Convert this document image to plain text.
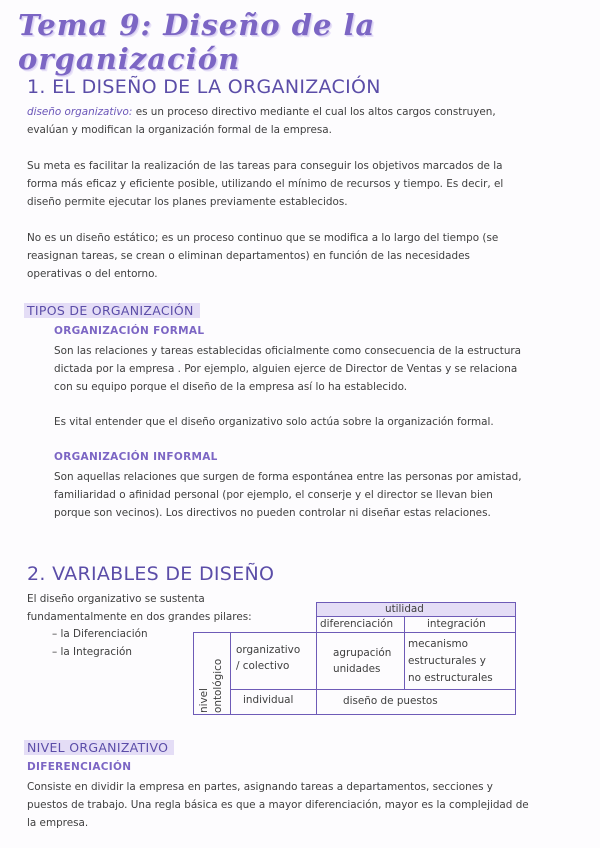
Tema 9: Diseño de la organización
1. EL DISEÑO DE LA ORGANIZACIÓN
diseño organizativo: es un proceso directivo mediante el cual los altos cargos construyen,
evalúan y modifican la organización formal de la empresa.
Su meta es facilitar la realización de las tareas para conseguir los objetivos marcados de la
forma más eficaz y eficiente posible, utilizando el mínimo de recursos y tiempo. Es decir, el
diseño permite ejecutar los planes previamente establecidos.
No es un diseño estático; es un proceso continuo que se modifica a lo largo del tiempo (se
reasignan tareas, se crean o eliminan departamentos) en función de las necesidades
operativas o del entorno.
TIPOS DE ORGANIZACIÓN
ORGANIZACIÓN FORMAL
Son las relaciones y tareas establecidas oficialmente como consecuencia de la estructura
dictada por la empresa . Por ejemplo, alguien ejerce de Director de Ventas y se relaciona
con su equipo porque el diseño de la empresa así lo ha establecido.
Es vital entender que el diseño organizativo solo actúa sobre la organización formal.
ORGANIZACIÓN INFORMAL
Son aquellas relaciones que surgen de forma espontánea entre las personas por amistad,
familiaridad o afinidad personal (por ejemplo, el conserje y el director se llevan bien
porque son vecinos). Los directivos no pueden controlar ni diseñar estas relaciones.
2. VARIABLES DE DISEÑO
El diseño organizativo se sustenta
fundamentalmente en dos grandes pilares:
– la Diferenciación
– la Integración
utilidad
diferenciación	integración
nivel ontológico
organizativo
/ colectivo
agrupación
unidades
mecanismo
estructurales y
no estructurales
individual	diseño de puestos
NIVEL ORGANIZATIVO
DIFERENCIACIÓN
Consiste en dividir la empresa en partes, asignando tareas a departamentos, secciones y
puestos de trabajo. Una regla básica es que a mayor diferenciación, mayor es la complejidad de
la empresa.
